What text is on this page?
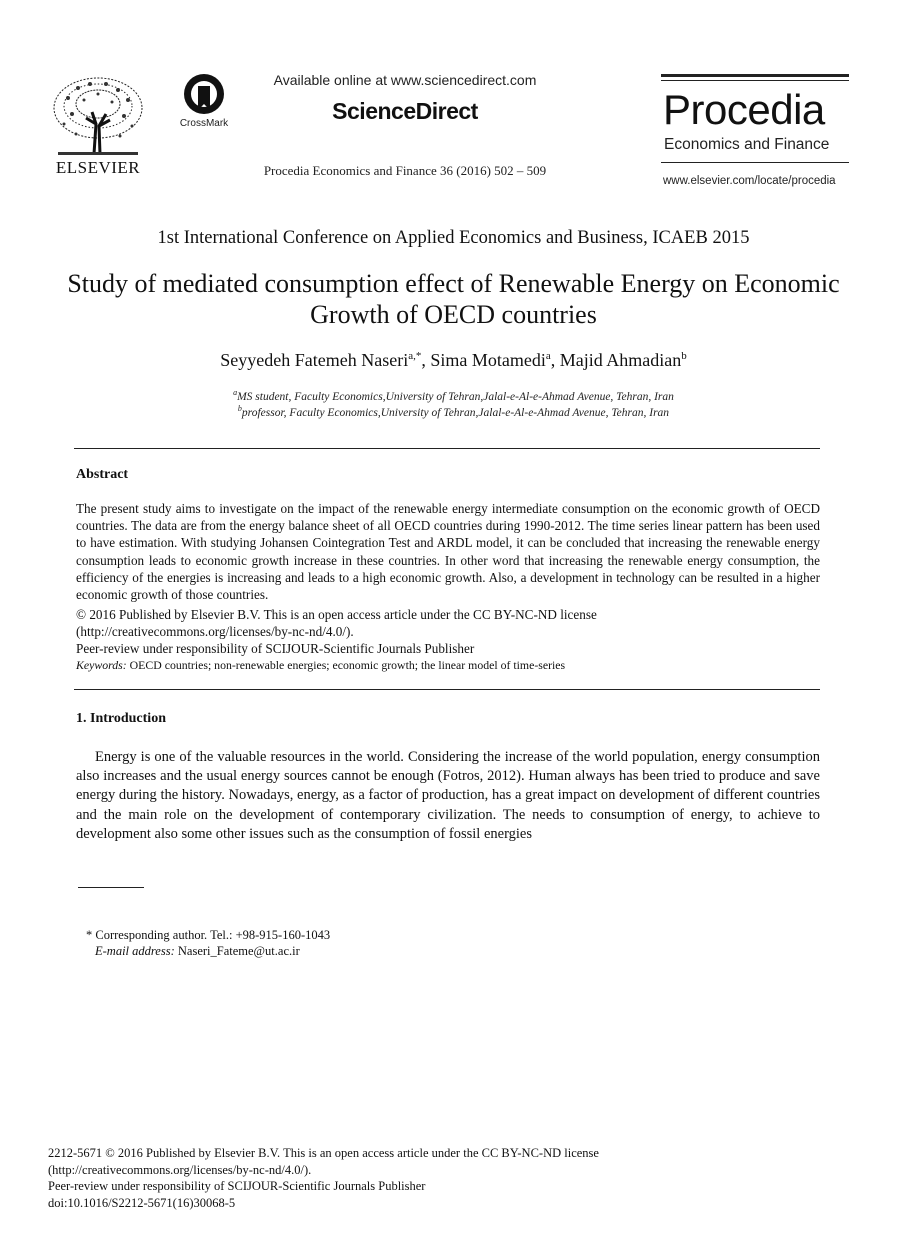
ELSEVIER
CrossMark
Available online at www.sciencedirect.com
ScienceDirect
Procedia Economics and Finance 36 (2016) 502 – 509
Procedia
Economics and Finance
www.elsevier.com/locate/procedia
1st International Conference on Applied Economics and Business, ICAEB 2015
Study of mediated consumption effect of Renewable Energy on Economic Growth of OECD countries
Seyyedeh Fatemeh Naseri$^{a,*}$, Sima Motamedi$^a$, Majid Ahmadian$^b$
$^a$MS student, Faculty Economics,University of Tehran,Jalal-e-Al-e-Ahmad Avenue, Tehran, Iran
$^b$professor, Faculty Economics,University of Tehran,Jalal-e-Al-e-Ahmad Avenue, Tehran, Iran
Abstract
The present study aims to investigate on the impact of the renewable energy intermediate consumption on the economic growth of OECD countries. The data are from the energy balance sheet of all OECD countries during 1990-2012. The time series linear pattern has been used to have estimation. With studying Johansen Cointegration Test and ARDL model, it can be concluded that increasing the renewable energy consumption leads to economic growth increase in these countries. In other word that increasing the renewable energy consumption, the efficiency of the energies is increasing and leads to a high economic growth. Also, a development in technology can be resulted in a higher economic growth of those countries.
© 2016 Published by Elsevier B.V. This is an open access article under the CC BY-NC-ND license
(http://creativecommons.org/licenses/by-nc-nd/4.0/).
Peer-review under responsibility of SCIJOUR-Scientific Journals Publisher
Keywords: OECD countries; non-renewable energies; economic growth; the linear model of time-series
1. Introduction
Energy is one of the valuable resources in the world. Considering the increase of the world population, energy consumption also increases and the usual energy sources cannot be enough (Fotros, 2012). Human always has been tried to produce and save energy during the history. Nowadays, energy, as a factor of production, has a great impact on development of different countries and the main role on the development of contemporary civilization. The needs to consumption of energy, to achieve to development also some other issues such as the consumption of fossil energies
* Corresponding author. Tel.: +98-915-160-1043
E-mail address: Naseri_Fateme@ut.ac.ir
2212-5671 © 2016 Published by Elsevier B.V. This is an open access article under the CC BY-NC-ND license
(http://creativecommons.org/licenses/by-nc-nd/4.0/).
Peer-review under responsibility of SCIJOUR-Scientific Journals Publisher
doi:10.1016/S2212-5671(16)30068-5
